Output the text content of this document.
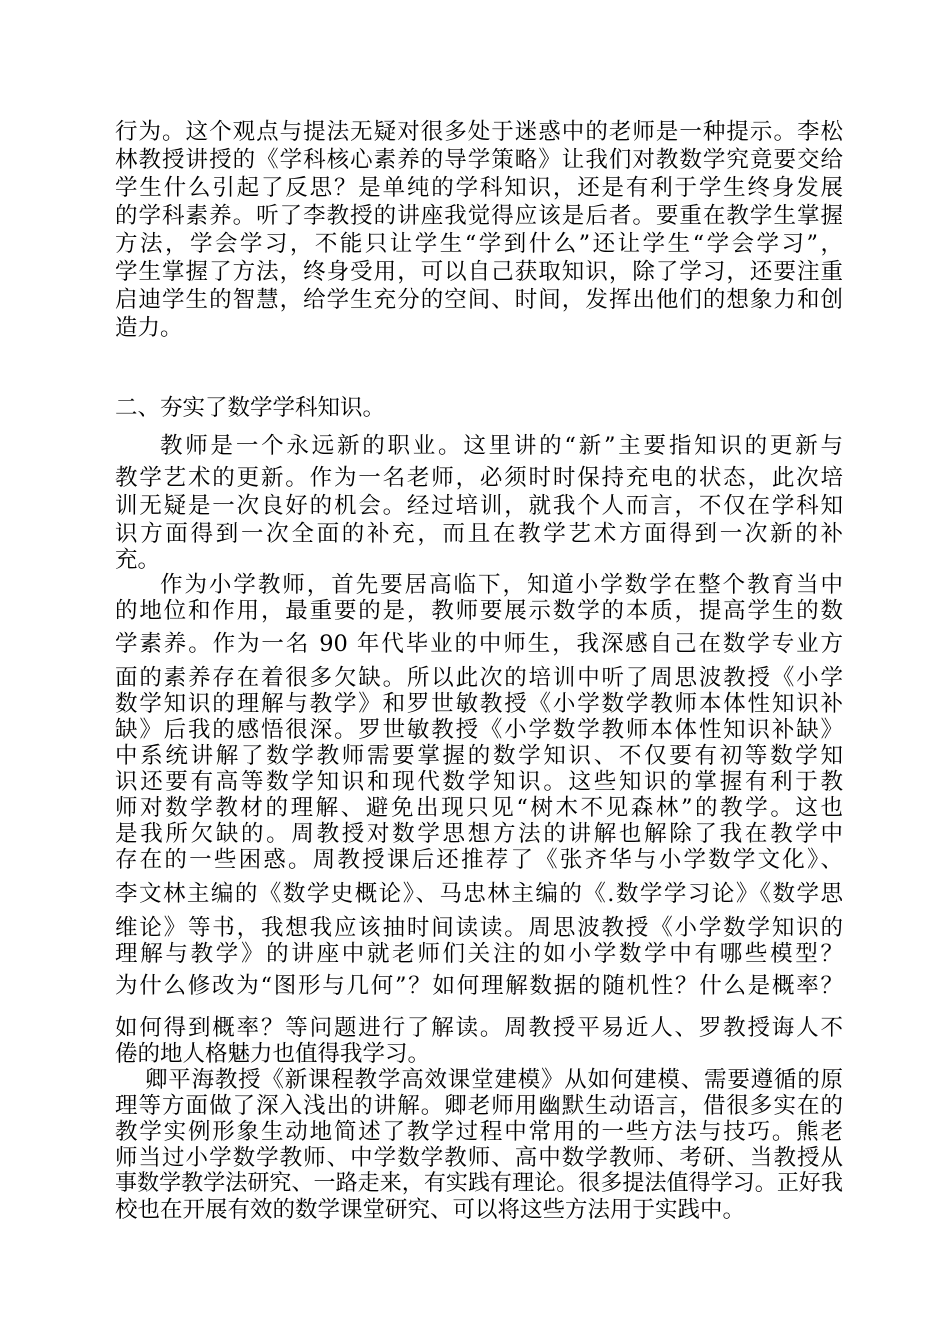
行为。这个观点与提法无疑对很多处于迷惑中的老师是一种提示。李松
林教授讲授的《学科核心素养的导学策略》让我们对教数学究竟要交给
学生什么引起了反思？是单纯的学科知识，还是有利于学生终身发展
的学科素养。听了李教授的讲座我觉得应该是后者。要重在教学生掌握
方法，学会学习，不能只让学生“学到什么”还让学生“学会学习”，
学生掌握了方法，终身受用，可以自己获取知识，除了学习，还要注重
启迪学生的智慧，给学生充分的空间、时间，发挥出他们的想象力和创
造力。
二、夯实了数学学科知识。
教师是一个永远新的职业。这里讲的“新”主要指知识的更新与
教学艺术的更新。作为一名老师，必须时时保持充电的状态，此次培
训无疑是一次良好的机会。经过培训，就我个人而言，不仅在学科知
识方面得到一次全面的补充，而且在教学艺术方面得到一次新的补
充。
作为小学教师，首先要居高临下，知道小学数学在整个教育当中
的地位和作用，最重要的是，教师要展示数学的本质，提高学生的数
学素养。作为一名 90 年代毕业的中师生，我深感自己在数学专业方
面的素养存在着很多欠缺。所以此次的培训中听了周思波教授《小学
数学知识的理解与教学》和罗世敏教授《小学数学教师本体性知识补
缺》后我的感悟很深。罗世敏教授《小学数学教师本体性知识补缺》
中系统讲解了数学教师需要掌握的数学知识、不仅要有初等数学知
识还要有高等数学知识和现代数学知识。这些知识的掌握有利于教
师对数学教材的理解、避免出现只见“树木不见森林”的教学。这也
是我所欠缺的。周教授对数学思想方法的讲解也解除了我在教学中
存在的一些困惑。周教授课后还推荐了《张齐华与小学数学文化》、
李文林主编的《数学史概论》、马忠林主编的《.数学学习论》《数学思
维论》等书，我想我应该抽时间读读。周思波教授《小学数学知识的
理解与教学》的讲座中就老师们关注的如小学数学中有哪些模型？
为什么修改为“图形与几何”？如何理解数据的随机性？什么是概率？
如何得到概率？等问题进行了解读。周教授平易近人、罗教授诲人不
倦的地人格魅力也值得我学习。
卿平海教授《新课程教学高效课堂建模》从如何建模、需要遵循的原
理等方面做了深入浅出的讲解。卿老师用幽默生动语言，借很多实在的
教学实例形象生动地简述了教学过程中常用的一些方法与技巧。熊老
师当过小学数学教师、中学数学教师、高中数学教师、考研、当教授从
事数学教学法研究、一路走来，有实践有理论。很多提法值得学习。正好我
校也在开展有效的数学课堂研究、可以将这些方法用于实践中。
